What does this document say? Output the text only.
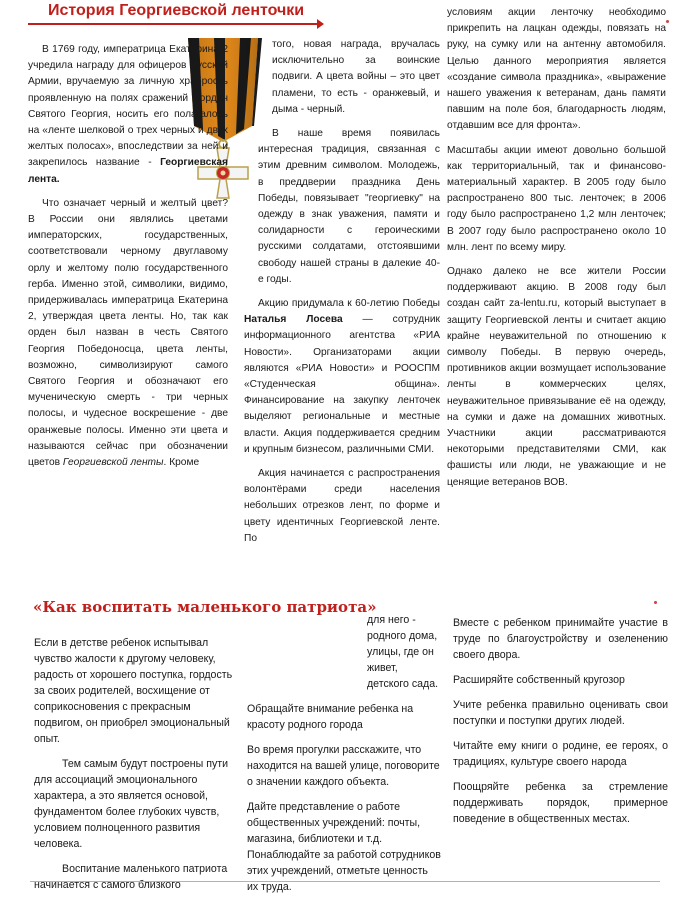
История Георгиевской ленточки

В 1769 году, императрица Екатерина 2 учредила награду для офицеров Русской Армии, вручаемую за личную храбрость проявленную на полях сражений - орден Святого Георгия, носить его полагалось на «ленте шелковой о трех черных и двух желтых полосах», впоследствии за ней и закрепилось название - Георгиевская лента.

Что означает черный и желтый цвет? В России они являлись цветами императорских, государственных, соответствовали черному двуглавому орлу и желтому полю государственного герба. Именно этой, символики, видимо, придерживалась императрица Екатерина 2, утверждая цвета ленты. Но, так как орден был назван в честь Святого Георгия Победоносца, цвета ленты, возможно, символизируют самого Святого Георгия и обозначают его мученическую смерть - три черных полосы, и чудесное воскрешение - две оранжевые полосы. Именно эти цвета и называются сейчас при обозначении цветов Георгиевской ленты. Кроме

того, новая награда, вручалась исключительно за воинские подвиги. А цвета войны – это цвет пламени, то есть - оранжевый, и дыма - черный.

В наше время появилась интересная традиция, связанная с этим древним символом. Молодежь, в преддверии праздника День Победы, повязывает "георгиевку" на одежду в знак уважения, памяти и солидарности с героическими русскими солдатами, отстоявшими свободу нашей страны в далекие 40-е годы.

Акцию придумала к 60-летию Победы Наталья Лосева — сотрудник информационного агентства «РИА Новости». Организаторами акции являются «РИА Новости» и РООСПМ «Студенческая община». Финансирование на закупку ленточек выделяют региональные и местные власти. Акция поддерживается средним и крупным бизнесом, различными СМИ.

Акция начинается с распространения волонтёрами среди населения небольших отрезков лент, по форме и цвету идентичных Георгиевской ленте. По

условиям акции ленточку необходимо прикрепить на лацкан одежды, повязать на руку, на сумку или на антенну автомобиля. Целью данного мероприятия является «создание символа праздника», «выражение нашего уважения к ветеранам, дань памяти павшим на поле боя, благодарность людям, отдавшим все для фронта».

Масштабы акции имеют довольно большой как территориальный, так и финансово-материальный характер. В 2005 году было распространено 800 тыс. ленточек; в 2006 году было распространено 1,2 млн ленточек; В 2007 году было распространено около 10 млн. лент по всему миру.

Однако далеко не все жители России поддерживают акцию. В 2008 году был создан сайт za-lentu.ru, который выступает в защиту Георгиевской ленты и считает акцию крайне неуважительной по отношению к символу Победы. В первую очередь, противников акции возмущает использование ленты в коммерческих целях, неуважительное привязывание её на одежду, на сумки и даже на домашних животных. Участники акции рассматриваются некоторыми представителями СМИ, как фашисты или люди, не уважающие и не ценящие ветеранов ВОВ.

«Как воспитать маленького патриота»

Если в детстве ребенок испытывал чувство жалости к другому человеку, радость от хорошего поступка, гордость за своих родителей, восхищение от соприкосновения с прекрасным подвигом, он приобрел эмоциональный опыт.

Тем самым будут построены пути для ассоциаций эмоционального характера, а это является основой, фундаментом более глубоких чувств, условием полноценного развития человека.

Воспитание маленького патриота начинается с самого близкого

для него - родного дома, улицы, где он живет, детского сада.

Обращайте внимание ребенка на красоту родного города

Во время прогулки расскажите, что находится на вашей улице, поговорите о значении каждого объекта.

Дайте представление о работе общественных учреждений: почты, магазина, библиотеки и т.д. Понаблюдайте за работой сотрудников этих учреждений, отметьте ценность их труда.

Вместе с ребенком принимайте участие в труде по благоустройству и озеленению своего двора.

Расширяйте собственный кругозор

Учите ребенка правильно оценивать свои поступки и поступки других людей.

Читайте ему книги о родине, ее героях, о традициях, культуре своего народа

Поощряйте ребенка за стремление поддерживать порядок, примерное поведение в общественных местах.
